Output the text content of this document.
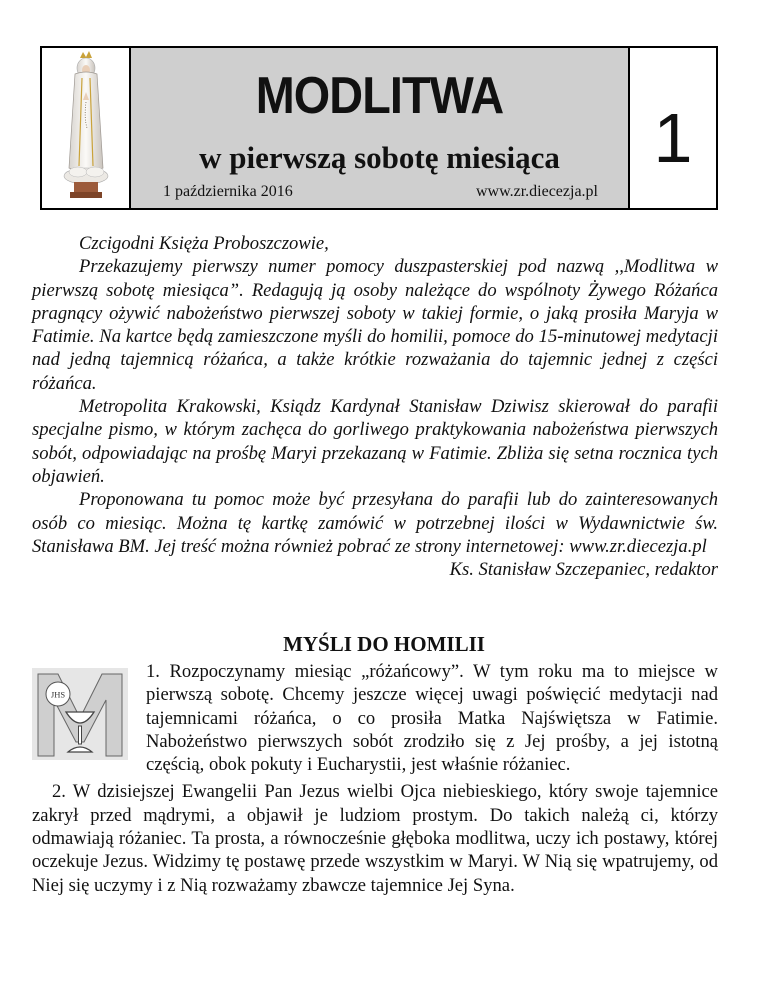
MODLITWA
w pierwszą sobotę miesiąca
1 października 2016	www.zr.diecezja.pl
1

Czcigodni Księża Proboszczowie,

Przekazujemy pierwszy numer pomocy duszpasterskiej pod nazwą ,,Modlitwa w pierwszą sobotę miesiąca”. Redagują ją osoby należące do wspólnoty Żywego Różańca pragnący ożywić nabożeństwo pierwszej soboty w takiej formie, o jaką prosiła Maryja w Fatimie. Na kartce będą zamieszczone myśli do homilii, pomoce do 15-minutowej medytacji nad jedną tajemnicą różańca, a także krótkie rozważania do tajemnic jednej z części różańca.

Metropolita Krakowski, Ksiądz Kardynał Stanisław Dziwisz skierował do parafii specjalne pismo, w którym zachęca do gorliwego praktykowania nabożeństwa pierwszych sobót, odpowiadając na prośbę Maryi przekazaną w Fatimie. Zbliża się setna rocznica tych objawień.

Proponowana tu pomoc może być przesyłana do parafii lub do zainteresowanych osób co miesiąc. Można tę kartkę zamówić w potrzebnej ilości w Wydawnictwie św. Stanisława BM. Jej treść można również pobrać ze strony internetowej: www.zr.diecezja.pl

Ks. Stanisław Szczepaniec, redaktor

MYŚLI DO HOMILII
JHS

1. Rozpoczynamy miesiąc „różańcowy”. W tym roku ma to miejsce w pierwszą sobotę. Chcemy jeszcze więcej uwagi poświęcić medytacji nad tajemnicami różańca, o co prosiła Matka Najświętsza w Fatimie. Nabożeństwo pierwszych sobót zrodziło się z Jej prośby, a jej istotną częścią, obok pokuty i Eucharystii, jest właśnie różaniec.

2. W dzisiejszej Ewangelii Pan Jezus wielbi Ojca niebieskiego, który swoje tajemnice zakrył przed mądrymi, a objawił je ludziom prostym. Do takich należą ci, którzy odmawiają różaniec. Ta prosta, a równocześnie głęboka modlitwa, uczy ich postawy, której oczekuje Jezus. Widzimy tę postawę przede wszystkim w Maryi. W Nią się wpatrujemy, od Niej się uczymy i z Nią rozważamy zbawcze tajemnice Jej Syna.
